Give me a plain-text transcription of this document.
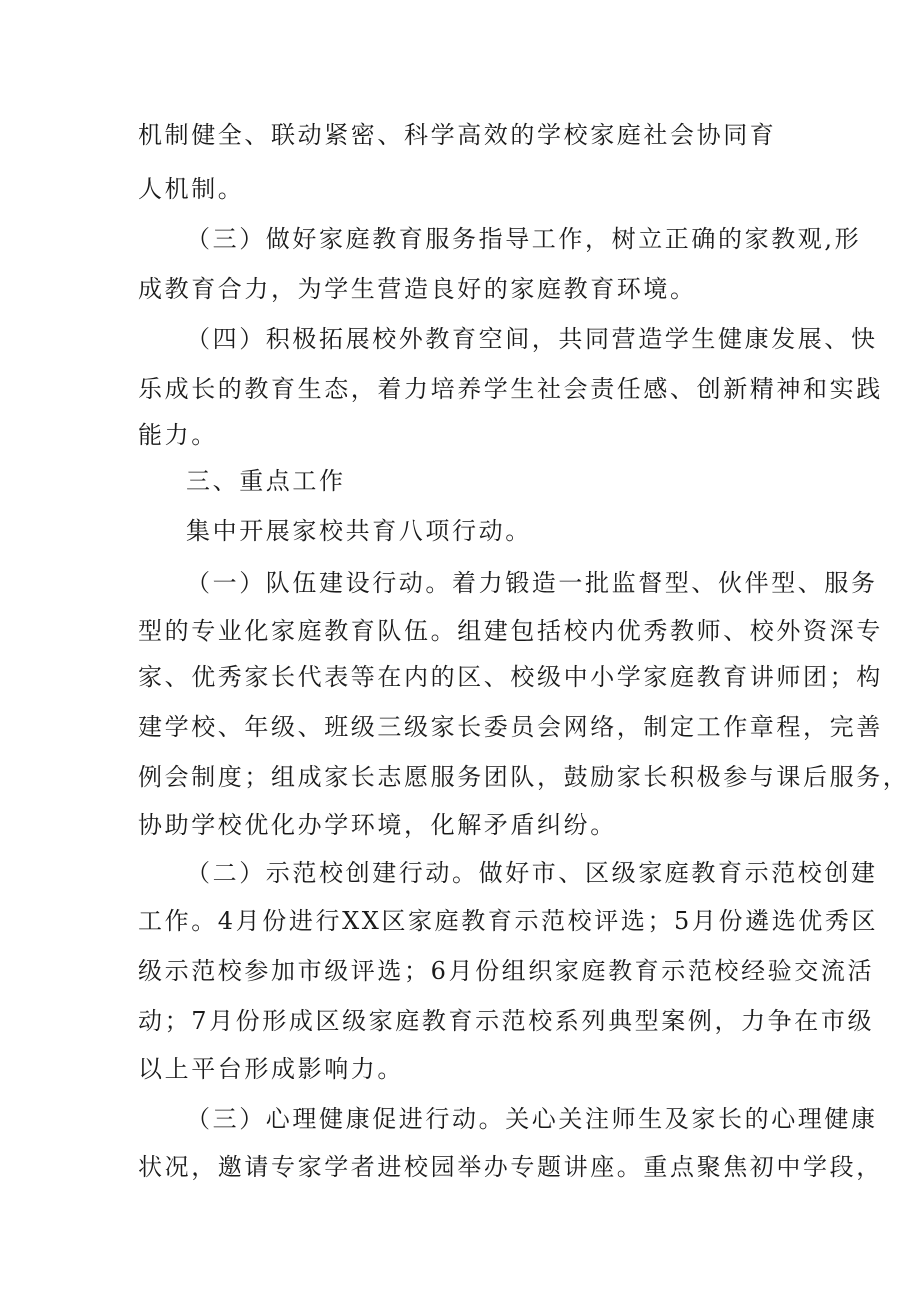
机制健全、联动紧密、科学高效的学校家庭社会协同育
人机制。
（三）做好家庭教育服务指导工作，树立正确的家教观,形
成教育合力，为学生营造良好的家庭教育环境。
（四）积极拓展校外教育空间，共同营造学生健康发展、快
乐成长的教育生态，着力培养学生社会责任感、创新精神和实践
能力。
三、重点工作
集中开展家校共育八项行动。
（一）队伍建设行动。着力锻造一批监督型、伙伴型、服务
型的专业化家庭教育队伍。组建包括校内优秀教师、校外资深专
家、优秀家长代表等在内的区、校级中小学家庭教育讲师团；构
建学校、年级、班级三级家长委员会网络，制定工作章程，完善
例会制度；组成家长志愿服务团队，鼓励家长积极参与课后服务，
协助学校优化办学环境，化解矛盾纠纷。
（二）示范校创建行动。做好市、区级家庭教育示范校创建
工作。4月份进行XX区家庭教育示范校评选；5月份遴选优秀区
级示范校参加市级评选；6月份组织家庭教育示范校经验交流活
动；7月份形成区级家庭教育示范校系列典型案例，力争在市级
以上平台形成影响力。
（三）心理健康促进行动。关心关注师生及家长的心理健康
状况，邀请专家学者进校园举办专题讲座。重点聚焦初中学段，
